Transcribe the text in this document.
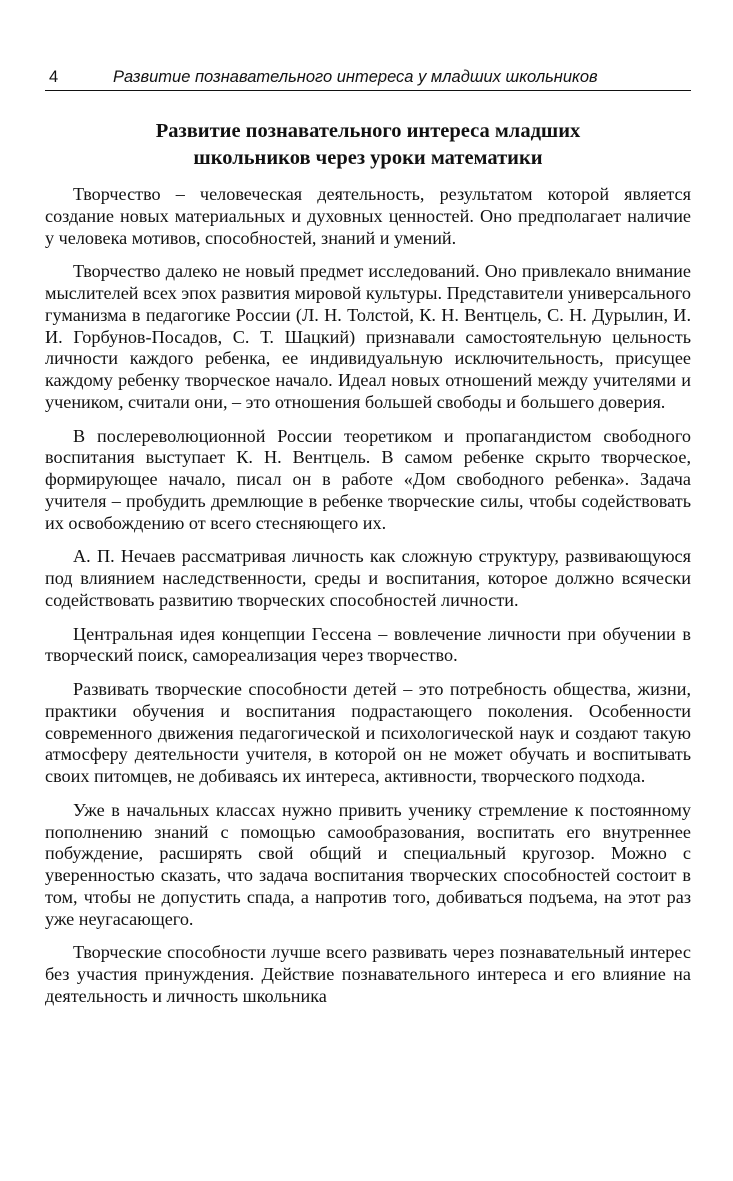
4	Развитие познавательного интереса у младших школьников
Развитие познавательного интереса младших
школьников через уроки математики

Творчество – человеческая деятельность, результатом которой является создание новых материальных и духовных ценностей. Оно предполагает наличие у человека мотивов, способностей, знаний и умений.

Творчество далеко не новый предмет исследований. Оно привлекало внимание мыслителей всех эпох развития мировой культуры. Представители универсального гуманизма в педагогике России (Л. Н. Толстой, К. Н. Вентцель, С. Н. Дурылин, И. И. Горбунов-Посадов, С. Т. Шацкий) признавали самостоятельную цельность личности каждого ребенка, ее индивидуальную исключительность, присущее каждому ребенку творческое начало. Идеал новых отношений между учителями и учеником, считали они, – это отношения большей свободы и большего доверия.

В послереволюционной России теоретиком и пропагандистом свободного воспитания выступает К. Н. Вентцель. В самом ребенке скрыто творческое, формирующее начало, писал он в работе «Дом свободного ребенка». Задача учителя – пробудить дремлющие в ребенке творческие силы, чтобы содействовать их освобождению от всего стесняющего их.

А. П. Нечаев рассматривая личность как сложную структуру, развивающуюся под влиянием наследственности, среды и воспитания, которое должно всячески содействовать развитию творческих способностей личности.

Центральная идея концепции Гессена – вовлечение личности при обучении в творческий поиск, самореализация через творчество.

Развивать творческие способности детей – это потребность общества, жизни, практики обучения и воспитания подрастающего поколения. Особенности современного движения педагогической и психологической наук и создают такую атмосферу деятельности учителя, в которой он не может обучать и воспитывать своих питомцев, не добиваясь их интереса, активности, творческого подхода.

Уже в начальных классах нужно привить ученику стремление к постоянному пополнению знаний с помощью самообразования, воспитать его внутреннее побуждение, расширять свой общий и специальный кругозор. Можно с уверенностью сказать, что задача воспитания творческих способностей состоит в том, чтобы не допустить спада, а напротив того, добиваться подъема, на этот раз уже неугасающего.

Творческие способности лучше всего развивать через познавательный интерес без участия принуждения. Действие познавательного интереса и его влияние на деятельность и личность школьника
